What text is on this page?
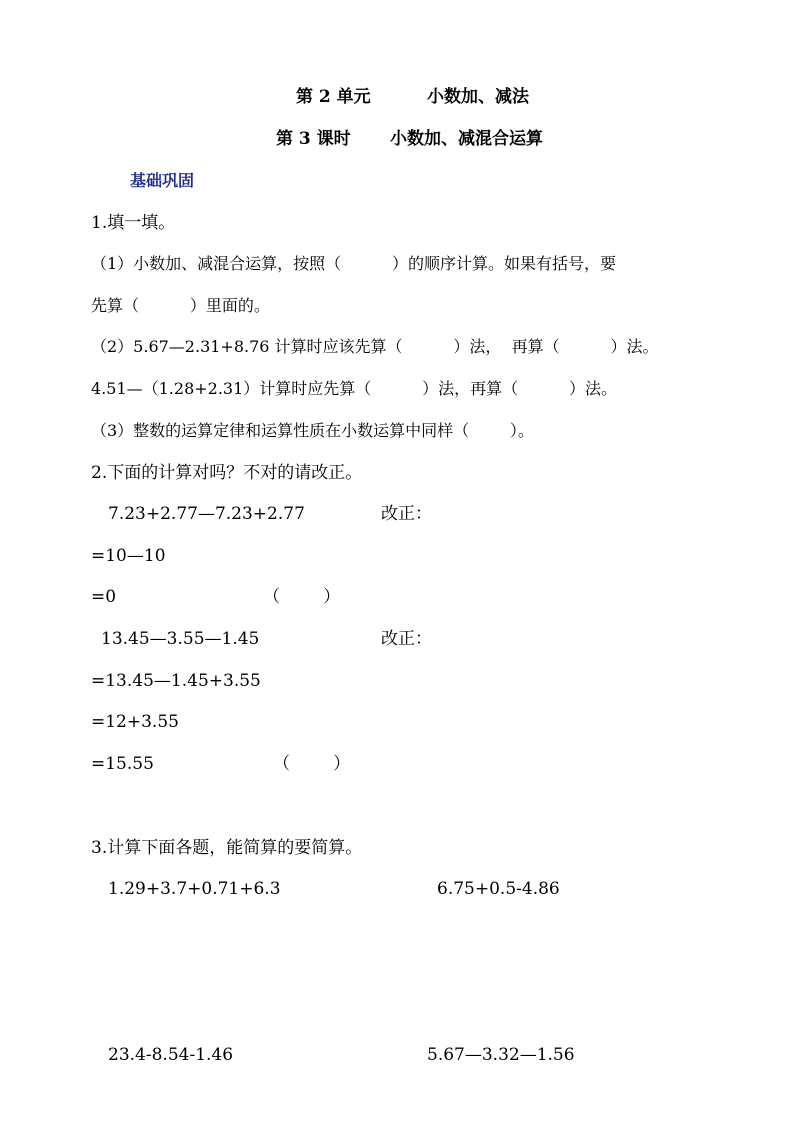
第 2 单元	小数加、减法
第 3 课时 小数加、减混合运算
基础巩固
1.填一填。
（1）小数加、减混合运算，按照（          ）的顺序计算。如果有括号，要
先算（          ）里面的。
（2）5.67—2.31+8.76 计算时应该先算（          ）法，  再算（          ）法。
4.51—（1.28+2.31）计算时应先算（          ）法，再算（          ）法。
（3）整数的运算定律和运算性质在小数运算中同样（        ）。
2.下面的计算对吗？不对的请改正。
7.23+2.77—7.23+2.77	改正：
=10—10
=0	（        ）
13.45—3.55—1.45	改正：
=13.45—1.45+3.55
=12+3.55
=15.55	（        ）
3.计算下面各题，能简算的要简算。
1.29+3.7+0.71+6.3	6.75+0.5-4.86
23.4-8.54-1.46	5.67—3.32—1.56
